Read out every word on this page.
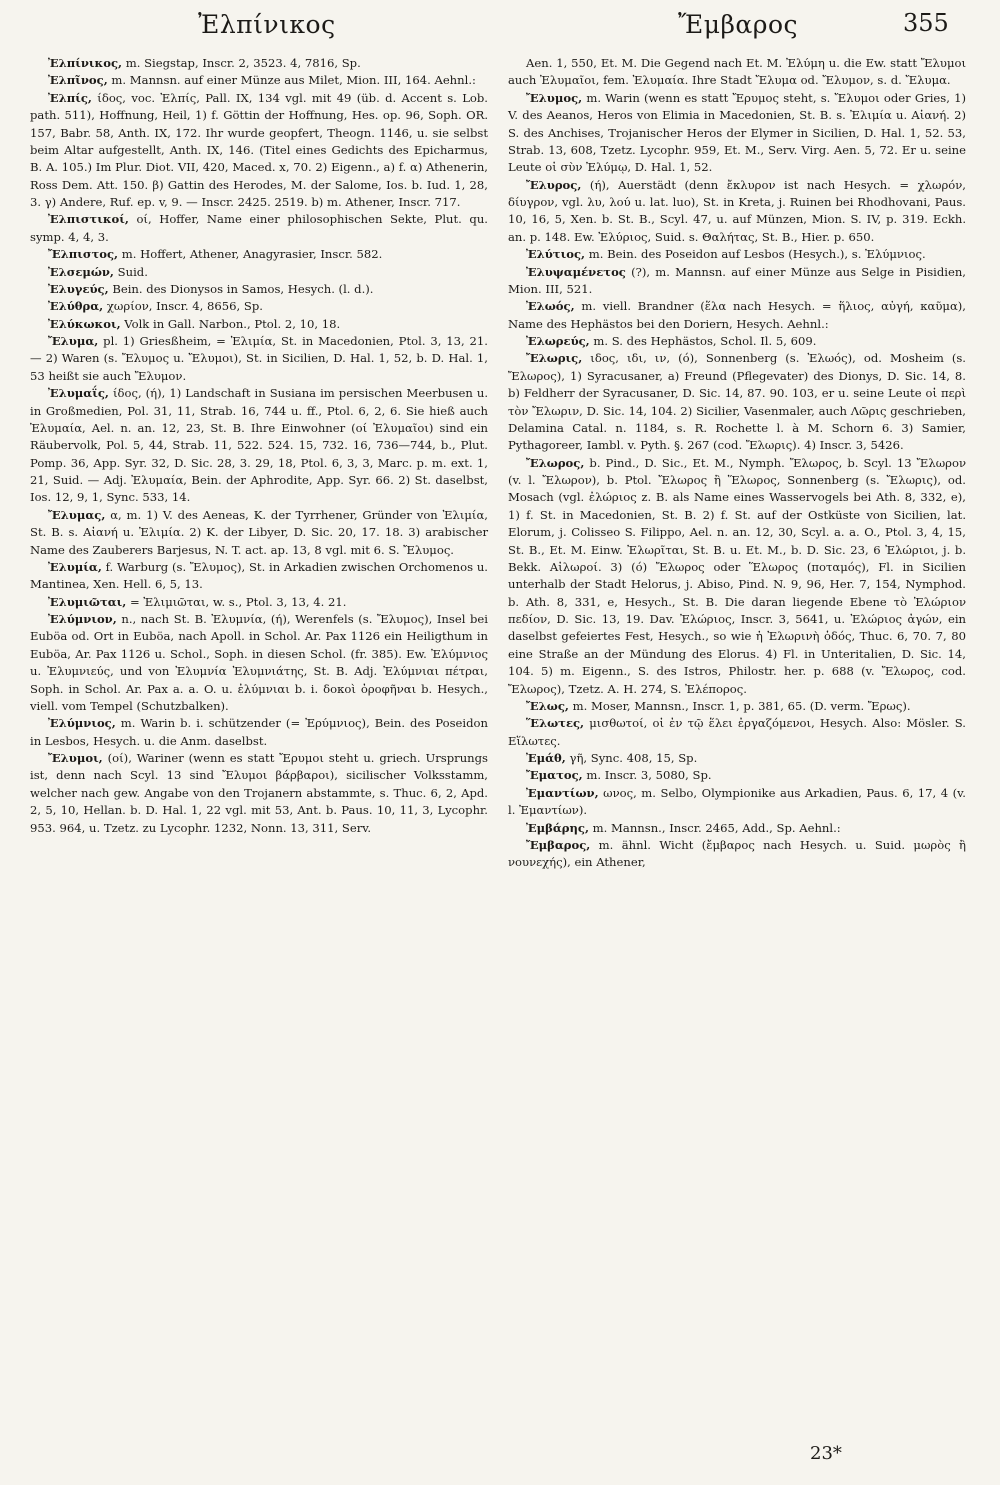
Ἐλπίνικος	Ἔμβαρος	355

Ἐλπίνικος, m. Siegstap, Inscr. 2, 3523. 4, 7816, Sp.

Ἐλπῖνος, m. Mannsn. auf einer Münze aus Milet, Mion. III, 164. Aehnl.:

Ἐλπίς, ίδος, voc. Ἐλπίς, Pall. IX, 134 vgl. mit 49 (üb. d. Accent s. Lob. path. 511), Hoffnung, Heil, 1) f. Göttin der Hoffnung, Hes. op. 96, Soph. OR. 157, Babr. 58, Anth. IX, 172. Ihr wurde geopfert, Theogn. 1146, u. sie selbst beim Altar aufgestellt, Anth. IX, 146. (Titel eines Gedichts des Epicharmus, B. A. 105.) Im Plur. Diot. VII, 420, Maced. x, 70. 2) Eigenn., a) f. α) Athenerin, Ross Dem. Att. 150. β) Gattin des Herodes, M. der Salome, Ios. b. Iud. 1, 28, 3. γ) Andere, Ruf. ep. v, 9. — Inscr. 2425. 2519. b) m. Athener, Inscr. 717.

Ἐλπιστικοί, οί, Hoffer, Name einer philosophischen Sekte, Plut. qu. symp. 4, 4, 3.

Ἔλπιστος, m. Hoffert, Athener, Anagyrasier, Inscr. 582.

Ἐλσεμών, Suid.

Ἐλυγεύς, Bein. des Dionysos in Samos, Hesych. (l. d.).

Ἐλύθρα, χωρίον, Inscr. 4, 8656, Sp.

Ἐλύκωκοι, Volk in Gall. Narbon., Ptol. 2, 10, 18.

Ἔλυμα, pl. 1) Griesßheim, = Ἐλιμία, St. in Macedonien, Ptol. 3, 13, 21. — 2) Waren (s. Ἔλυμος u. Ἔλυμοι), St. in Sicilien, D. Hal. 1, 52, b. D. Hal. 1, 53 heißt sie auch Ἔλυμον.

Ἐλυμαΐς, ίδος, (ή), 1) Landschaft in Susiana im persischen Meerbusen u. in Großmedien, Pol. 31, 11, Strab. 16, 744 u. ff., Ptol. 6, 2, 6. Sie hieß auch Ἐλυμαία, Ael. n. an. 12, 23, St. B. Ihre Einwohner (οί Ἐλυμαῖοι) sind ein Räubervolk, Pol. 5, 44, Strab. 11, 522. 524. 15, 732. 16, 736—744, b., Plut. Pomp. 36, App. Syr. 32, D. Sic. 28, 3. 29, 18, Ptol. 6, 3, 3, Marc. p. m. ext. 1, 21, Suid. — Adj. Ἐλυμαία, Bein. der Aphrodite, App. Syr. 66. 2) St. daselbst, Ios. 12, 9, 1, Sync. 533, 14.

Ἔλυμας, α, m. 1) V. des Aeneas, K. der Tyrrhener, Gründer von Ἐλιμία, St. B. s. Αἰανή u. Ἐλιμία. 2) K. der Libyer, D. Sic. 20, 17. 18. 3) arabischer Name des Zauberers Barjesus, N. T. act. ap. 13, 8 vgl. mit 6. S. Ἔλυμος.

Ἐλυμία, f. Warburg (s. Ἔλυμος), St. in Arkadien zwischen Orchomenos u. Mantinea, Xen. Hell. 6, 5, 13.

Ἐλυμιῶται, = Ἐλιμιῶται, w. s., Ptol. 3, 13, 4. 21.

Ἐλύμνιον, n., nach St. B. Ἐλυμνία, (ή), Werenfels (s. Ἔλυμος), Insel bei Euböa od. Ort in Euböa, nach Apoll. in Schol. Ar. Pax 1126 ein Heiligthum in Euböa, Ar. Pax 1126 u. Schol., Soph. in diesen Schol. (fr. 385). Ew. Ἐλύμνιος u. Ἐλυμνιεύς, und von Ἐλυμνία Ἐλυμνιάτης, St. B. Adj. Ἐλύμνιαι πέτραι, Soph. in Schol. Ar. Pax a. a. O. u. ἐλύμνιαι b. i. δοκοὶ ὀροφῆναι b. Hesych., viell. vom Tempel (Schutzbalken).

Ἐλύμνιος, m. Warin b. i. schützender (= Ἐρύμνιος), Bein. des Poseidon in Lesbos, Hesych. u. die Anm. daselbst.

Ἔλυμοι, (οί), Wariner (wenn es statt Ἔρυμοι steht u. griech. Ursprungs ist, denn nach Scyl. 13 sind Ἔλυμοι βάρβαροι), sicilischer Volksstamm, welcher nach gew. Angabe von den Trojanern abstammte, s. Thuc. 6, 2, Apd. 2, 5, 10, Hellan. b. D. Hal. 1, 22 vgl. mit 53, Ant. b. Paus. 10, 11, 3, Lycophr. 953. 964, u. Tzetz. zu Lycophr. 1232, Nonn. 13, 311, Serv.

Aen. 1, 550, Et. M. Die Gegend nach Et. M. Ἐλύμη u. die Ew. statt Ἔλυμοι auch Ἐλυμαῖοι, fem. Ἐλυμαία. Ihre Stadt Ἔλυμα od. Ἔλυμον, s. d. Ἔλυμα.

Ἔλυμος, m. Warin (wenn es statt Ἔρυμος steht, s. Ἔλυμοι oder Gries, 1) V. des Aeanos, Heros von Elimia in Macedonien, St. B. s. Ἐλιμία u. Αἰανή. 2) S. des Anchises, Trojanischer Heros der Elymer in Sicilien, D. Hal. 1, 52. 53, Strab. 13, 608, Tzetz. Lycophr. 959, Et. M., Serv. Virg. Aen. 5, 72. Er u. seine Leute οἱ σὺν Ἐλύμῳ, D. Hal. 1, 52.

Ἔλυρος, (ή), Auerstädt (denn ἔκλυρον ist nach Hesych. = χλωρόν, δίυγρον, vgl. λυ, λού u. lat. luo), St. in Kreta, j. Ruinen bei Rhodhovani, Paus. 10, 16, 5, Xen. b. St. B., Scyl. 47, u. auf Münzen, Mion. S. IV, p. 319. Eckh. an. p. 148. Ew. Ἐλύριος, Suid. s. Θαλήτας, St. B., Hier. p. 650.

Ἐλύτιος, m. Bein. des Poseidon auf Lesbos (Hesych.), s. Ἐλύμνιος.

Ἐλυψαμένετος (?), m. Mannsn. auf einer Münze aus Selge in Pisidien, Mion. III, 521.

Ἐλωός, m. viell. Brandner (ἕλα nach Hesych. = ἥλιος, αὐγή, καῦμα), Name des Hephästos bei den Doriern, Hesych. Aehnl.:

Ἐλωρεύς, m. S. des Hephästos, Schol. Il. 5, 609.

Ἔλωρις, ιδος, ιδι, ιν, (ό), Sonnenberg (s. Ἐλωός), od. Mosheim (s. Ἔλωρος), 1) Syracusaner, a) Freund (Pflegevater) des Dionys, D. Sic. 14, 8. b) Feldherr der Syracusaner, D. Sic. 14, 87. 90. 103, er u. seine Leute οἱ περὶ τὸν Ἔλωριν, D. Sic. 14, 104. 2) Sicilier, Vasenmaler, auch Λῶρις geschrieben, Delamina Catal. n. 1184, s. R. Rochette l. à M. Schorn 6. 3) Samier, Pythagoreer, Iambl. v. Pyth. §. 267 (cod. Ἔλωρις). 4) Inscr. 3, 5426.

Ἔλωρος, b. Pind., D. Sic., Et. M., Nymph. Ἔλωρος, b. Scyl. 13 Ἔλωρον (v. l. Ἔλωρον), b. Ptol. Ἔλωρος ἢ Ἕλωρος, Sonnenberg (s. Ἔλωρις), od. Mosach (vgl. ἐλώριος z. B. als Name eines Wasservogels bei Ath. 8, 332, e), 1) f. St. in Macedonien, St. B. 2) f. St. auf der Ostküste von Sicilien, lat. Elorum, j. Colisseo S. Filippo, Ael. n. an. 12, 30, Scyl. a. a. O., Ptol. 3, 4, 15, St. B., Et. M. Einw. Ἐλωρῖται, St. B. u. Et. M., b. D. Sic. 23, 6 Ἐλώριοι, j. b. Bekk. Αἰλωροί. 3) (ό) Ἔλωρος oder Ἕλωρος (ποταμός), Fl. in Sicilien unterhalb der Stadt Helorus, j. Abiso, Pind. N. 9, 96, Her. 7, 154, Nymphod. b. Ath. 8, 331, e, Hesych., St. B. Die daran liegende Ebene τὸ Ἐλώριον πεδίον, D. Sic. 13, 19. Dav. Ἐλώριος, Inscr. 3, 5641, u. Ἐλώριος ἀγών, ein daselbst gefeiertes Fest, Hesych., so wie ἡ Ἐλωρινὴ ὁδός, Thuc. 6, 70. 7, 80 eine Straße an der Mündung des Elorus. 4) Fl. in Unteritalien, D. Sic. 14, 104. 5) m. Eigenn., S. des Istros, Philostr. her. p. 688 (v. Ἔλωρος, cod. Ἔλωρος), Tzetz. A. H. 274, S. Ἐλέπορος.

Ἔλως, m. Moser, Mannsn., Inscr. 1, p. 381, 65. (D. verm. Ἔρως).

Ἕλωτες, μισθωτοί, οἱ ἐν τῷ ἕλει ἐργαζόμενοι, Hesych. Also: Mösler. S. Εἵλωτες.

Ἐμάθ, γῆ, Sync. 408, 15, Sp.

Ἔματος, m. Inscr. 3, 5080, Sp.

Ἐμαντίων, ωνος, m. Selbo, Olympionike aus Arkadien, Paus. 6, 17, 4 (v. l. Ἐμαντίων).

Ἐμβάρης, m. Mannsn., Inscr. 2465, Add., Sp. Aehnl.:

Ἔμβαρος, m. ähnl. Wicht (ἔμβαρος nach Hesych. u. Suid. μωρὸς ἢ νουνεχής), ein Athener,

23*
